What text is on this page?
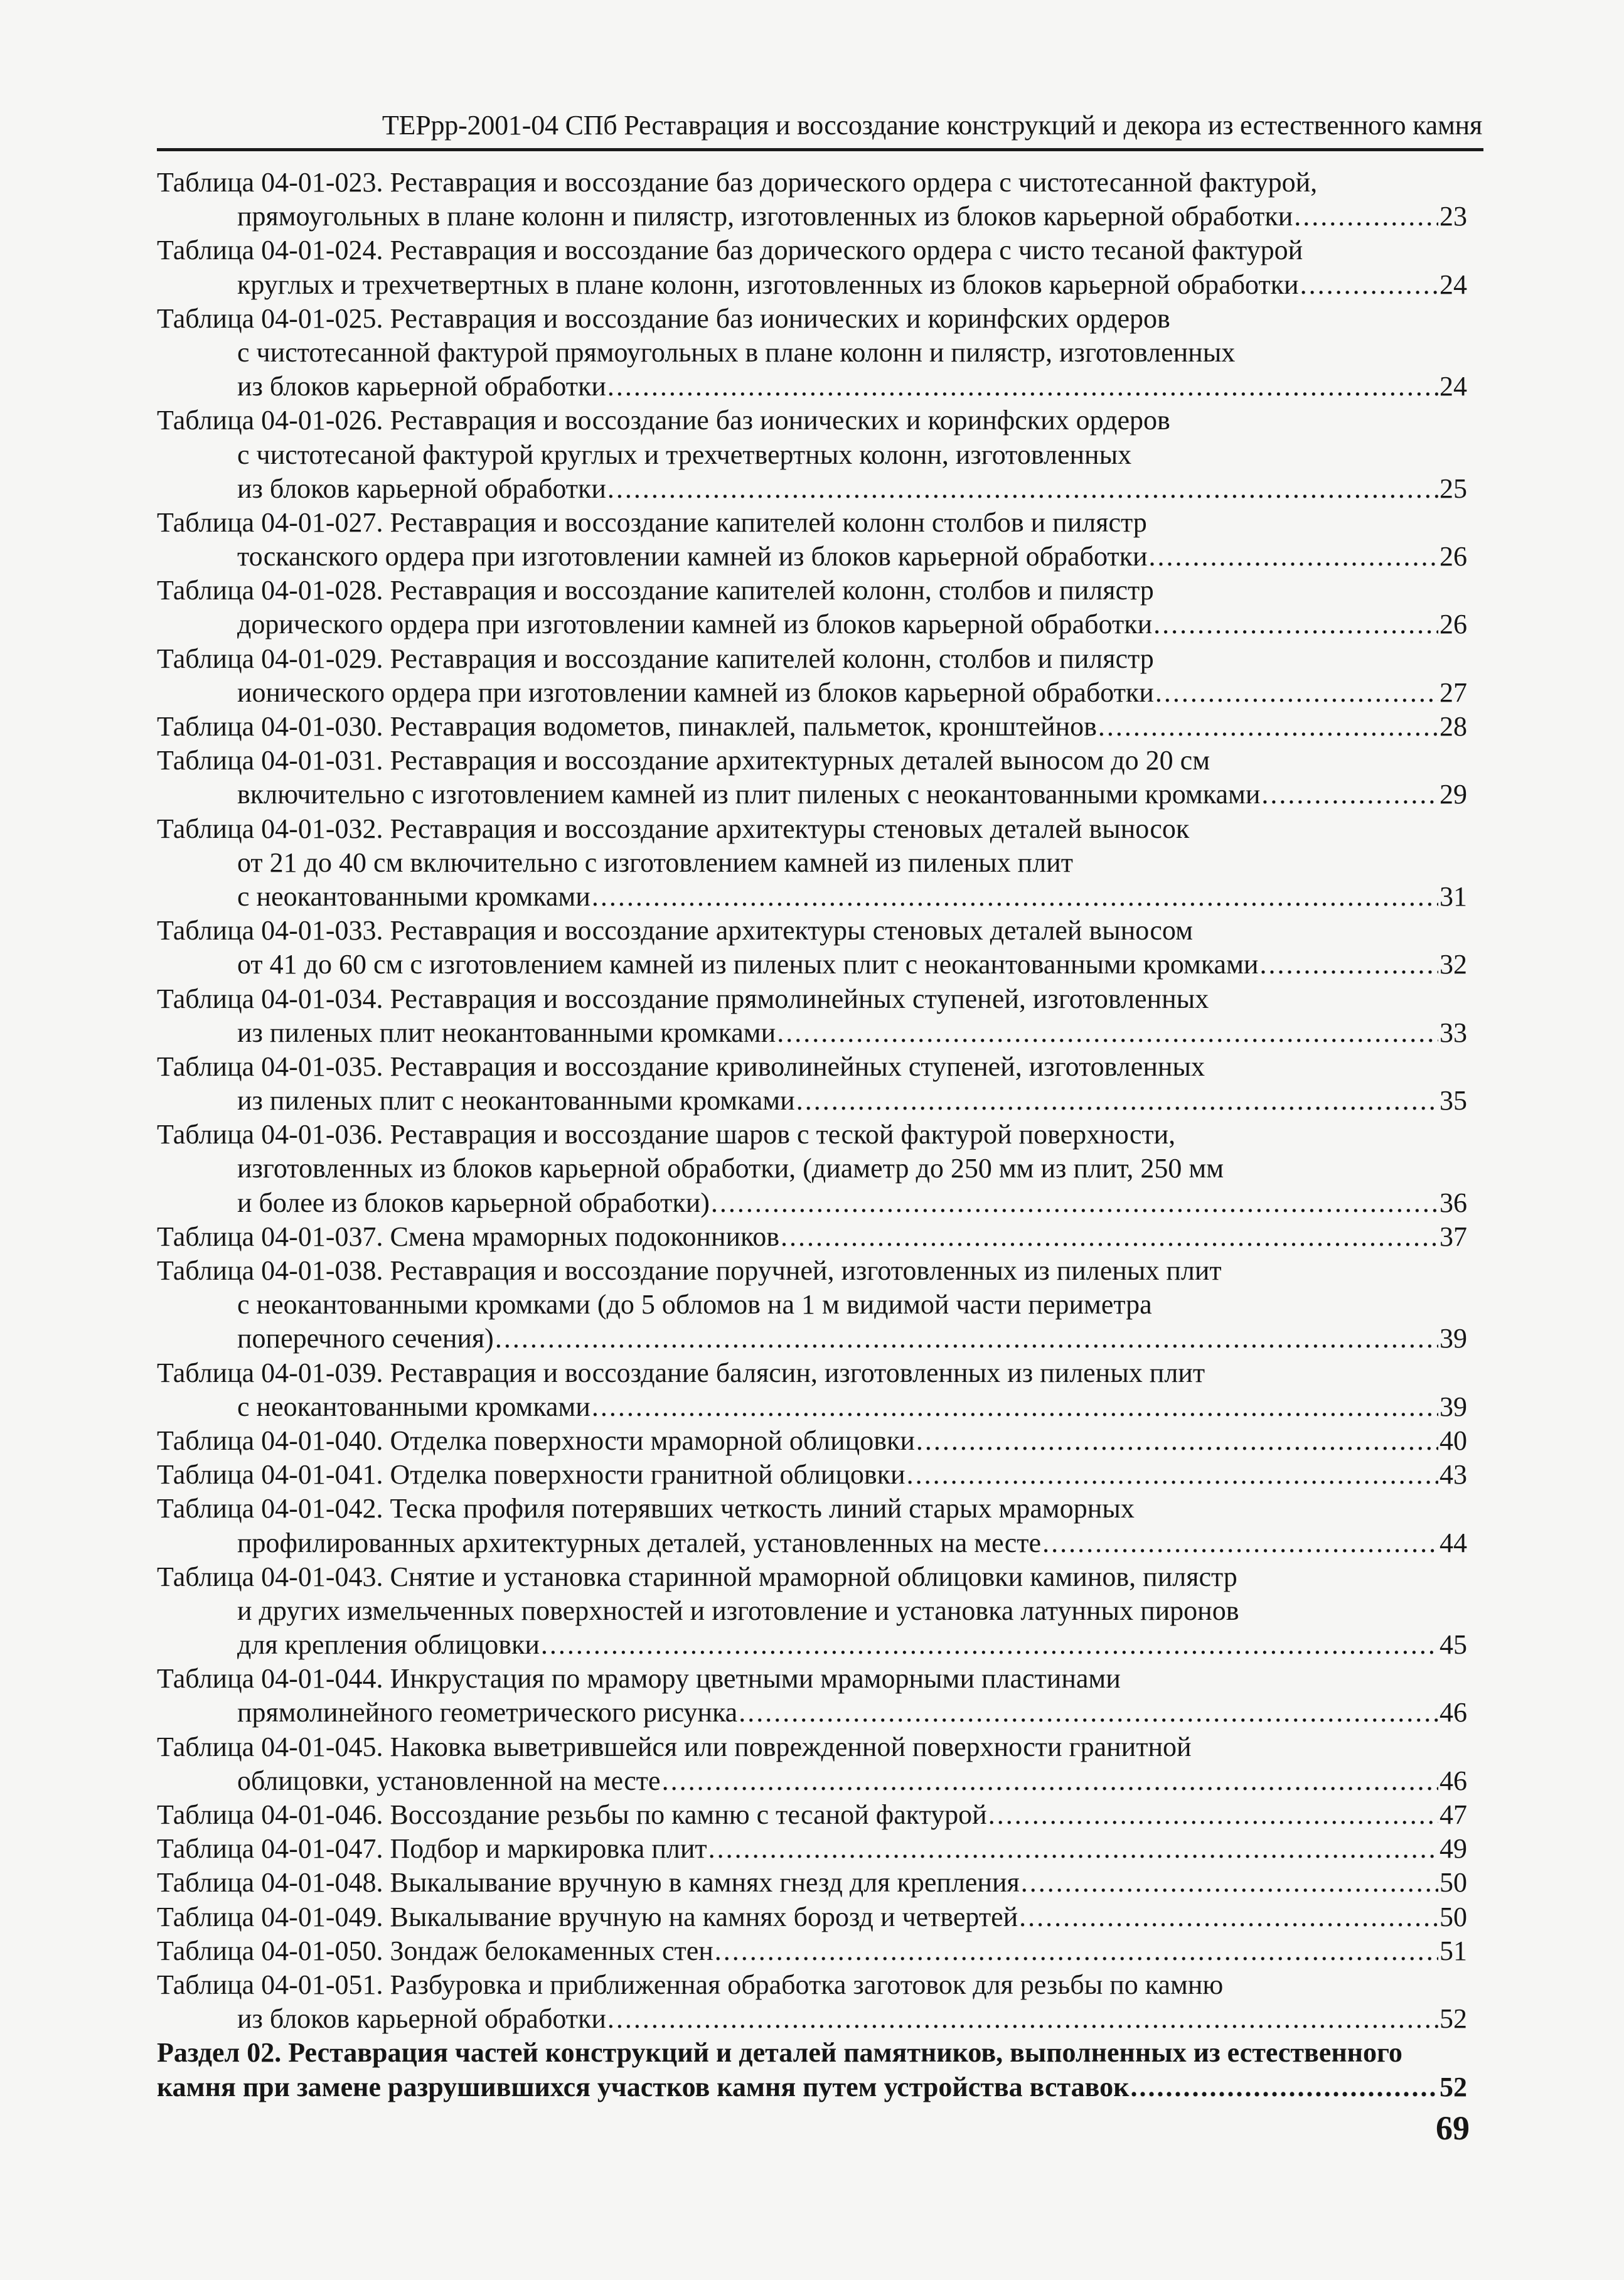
ТЕРрр-2001-04 СПб Реставрация и воссоздание конструкций и декора из естественного камня
Таблица 04-01-023. Реставрация и воссоздание баз дорического ордера с чистотесанной фактурой,
прямоугольных в плане колонн и пилястр, изготовленных из блоков карьерной обработки .....	23
Таблица 04-01-024. Реставрация и воссоздание баз дорического ордера с чисто тесаной фактурой
круглых и трехчетвертных в плане колонн, изготовленных из блоков карьерной обработки .....	24
Таблица 04-01-025. Реставрация и воссоздание баз ионических и коринфских ордеров
с чистотесанной фактурой прямоугольных в плане колонн и пилястр, изготовленных
из блоков карьерной обработки .....	24
Таблица 04-01-026. Реставрация и воссоздание баз ионических и коринфских ордеров
с чистотесаной фактурой круглых и трехчетвертных колонн, изготовленных
из блоков карьерной обработки .....	25
Таблица 04-01-027. Реставрация и воссоздание капителей колонн столбов и пилястр
тосканского ордера при изготовлении камней из блоков карьерной обработки .....	26
Таблица 04-01-028. Реставрация и воссоздание капителей колонн, столбов и пилястр
дорического ордера при изготовлении камней из блоков карьерной обработки .....	26
Таблица 04-01-029. Реставрация и воссоздание капителей колонн, столбов и пилястр
ионического ордера при изготовлении камней из блоков карьерной обработки .....	27
Таблица 04-01-030. Реставрация водометов, пинаклей, пальметок, кронштейнов .....	28
Таблица 04-01-031. Реставрация и воссоздание архитектурных деталей выносом до 20 см
включительно с изготовлением камней из плит пиленых с неокантованными кромками .....	29
Таблица 04-01-032. Реставрация и воссоздание архитектуры стеновых деталей выносок
от 21 до 40 см включительно с изготовлением камней из пиленых плит
с неокантованными кромками .....	31
Таблица 04-01-033. Реставрация и воссоздание архитектуры стеновых деталей выносом
от 41 до 60 см с изготовлением камней из пиленых плит с неокантованными кромками .....	32
Таблица 04-01-034. Реставрация и воссоздание прямолинейных ступеней, изготовленных
из пиленых плит неокантованными кромками .....	33
Таблица 04-01-035. Реставрация и воссоздание криволинейных ступеней, изготовленных
из пиленых плит с неокантованными кромками .....	35
Таблица 04-01-036. Реставрация и воссоздание шаров с теской фактурой поверхности,
изготовленных из блоков карьерной обработки, (диаметр до 250 мм из плит, 250 мм
и более из блоков карьерной обработки) .....	36
Таблица 04-01-037. Смена мраморных подоконников .....	37
Таблица 04-01-038. Реставрация и воссоздание поручней, изготовленных из пиленых плит
с неокантованными кромками (до 5 обломов на 1 м видимой части периметра
поперечного сечения) .....	39
Таблица 04-01-039. Реставрация и воссоздание балясин, изготовленных из пиленых плит
с неокантованными кромками .....	39
Таблица 04-01-040. Отделка поверхности мраморной облицовки .....	40
Таблица 04-01-041. Отделка поверхности гранитной облицовки .....	43
Таблица 04-01-042. Теска профиля потерявших четкость линий старых мраморных
профилированных архитектурных деталей, установленных на месте .....	44
Таблица 04-01-043. Снятие и установка старинной мраморной облицовки каминов, пилястр
и других измельченных поверхностей и изготовление и установка латунных пиронов
для крепления облицовки .....	45
Таблица 04-01-044. Инкрустация по мрамору цветными мраморными пластинами
прямолинейного геометрического рисунка .....	46
Таблица 04-01-045. Наковка выветрившейся или поврежденной поверхности гранитной
облицовки, установленной на месте .....	46
Таблица 04-01-046. Воссоздание резьбы по камню с тесаной фактурой .....	47
Таблица 04-01-047. Подбор и маркировка плит .....	49
Таблица 04-01-048. Выкалывание вручную в камнях гнезд для крепления .....	50
Таблица 04-01-049. Выкалывание вручную на камнях борозд и четвертей .....	50
Таблица 04-01-050. Зондаж белокаменных стен .....	51
Таблица 04-01-051. Разбуровка и приближенная обработка заготовок для резьбы по камню
из блоков карьерной обработки .....	52
Раздел 02. Реставрация частей конструкций и деталей памятников, выполненных из естественного
камня при замене разрушившихся участков камня путем устройства вставок .....	52
69
